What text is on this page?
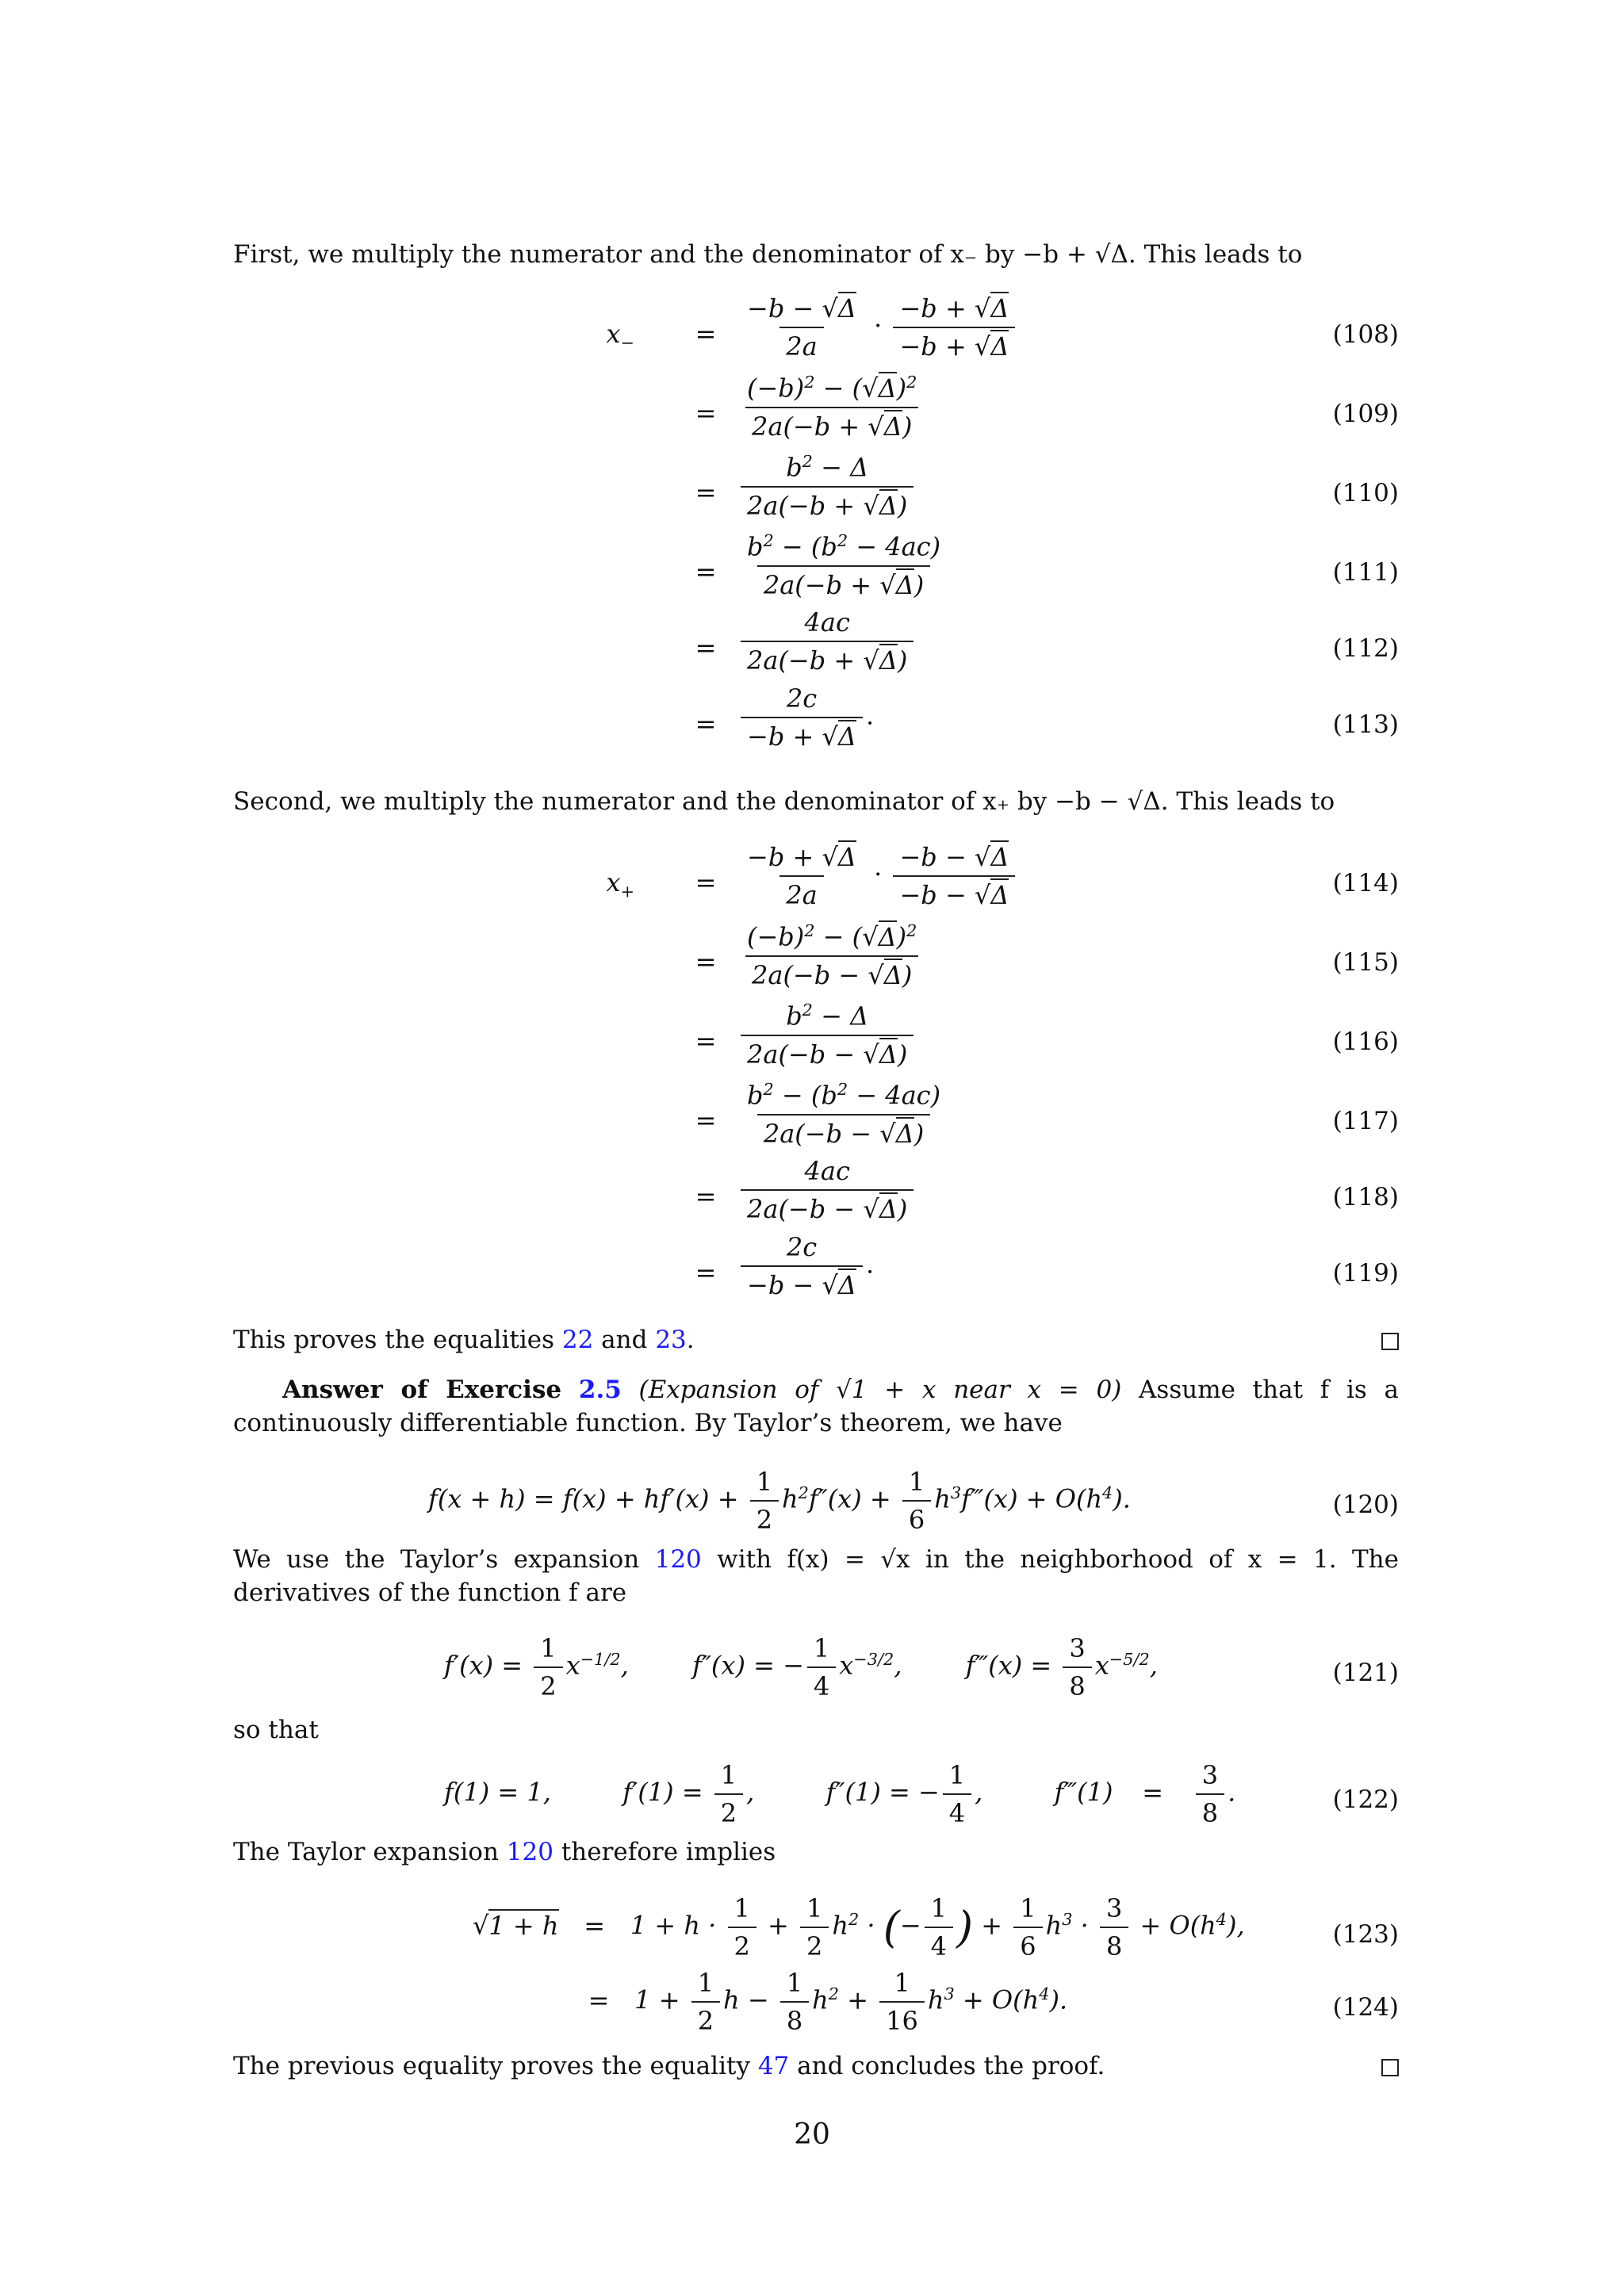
First, we multiply the numerator and the denominator of x₋ by −b + √Δ. This leads to
$x_- = \frac{-b - √\Delta}{2a} \cdot \frac{-b + √\Delta}{-b + √\Delta}$	(108)
= $\frac{(-b)^2 - (√\Delta)^2}{2a(-b + √\Delta)}$	(109)
= $\frac{b^2 - \Delta}{2a(-b + √\Delta)}$	(110)
= $\frac{b^2 - (b^2 - 4ac)}{2a(-b + √\Delta)}$	(111)
= $\frac{4ac}{2a(-b + √\Delta)}$	(112)
= $\frac{2c}{-b + √\Delta}$ .	(113)
Second, we multiply the numerator and the denominator of x₊ by −b − √Δ. This leads to
$x_+ = \frac{-b + √\Delta}{2a} \cdot \frac{-b - √\Delta}{-b - √\Delta}$	(114)
= $\frac{(-b)^2 - (√\Delta)^2}{2a(-b - √\Delta)}$	(115)
= $\frac{b^2 - \Delta}{2a(-b - √\Delta)}$	(116)
= $\frac{b^2 - (b^2 - 4ac)}{2a(-b - √\Delta)}$	(117)
= $\frac{4ac}{2a(-b - √\Delta)}$	(118)
= $\frac{2c}{-b - √\Delta}$ .	(119)
This proves the equalities 22 and 23.
Answer of Exercise 2.5 (Expansion of √1 + x near x = 0) Assume that f is a continuously differentiable function. By Taylor’s theorem, we have
$f(x + h) = f(x) + hf'(x) + \frac{1}{2} h^2f''(x) + \frac{1}{6}$ $h^3f‴(x) + O(h^4)$.	(120)
We use the Taylor’s expansion 120 with f(x) = √x in the neighborhood of x = 1. The derivatives of the function f are
$f'(x) = \frac{1}{2} x^{-1/2}$,  f″(x) = − $\frac{1}{4} x^{-3/2}$,  f‴(x) = $\frac{3}{8} x^{-5/2}$,	(121)
so that
f(1) = 1,  $f'(1) = \frac{1}{2}$ ,  f″(1) = − $\frac{1}{4}$ ,  f‴(1) = $\frac{3}{8}$ .	(122)
The Taylor expansion 120 therefore implies
$√1 + h = 1 + h \cdot \frac{1}{2} + \frac{1}{2} h^2$ · (− $\frac{1}{4}$ ) + $\frac{1}{6} h^3 \cdot \frac{3}{8} + O(h^4)$,	(123)
= $1 + \frac{1}{2}$ $h - \frac{1}{8} h^2 + \frac{1}{16} h^3 + O(h^4)$.	(124)
The previous equality proves the equality 47 and concludes the proof.
20
